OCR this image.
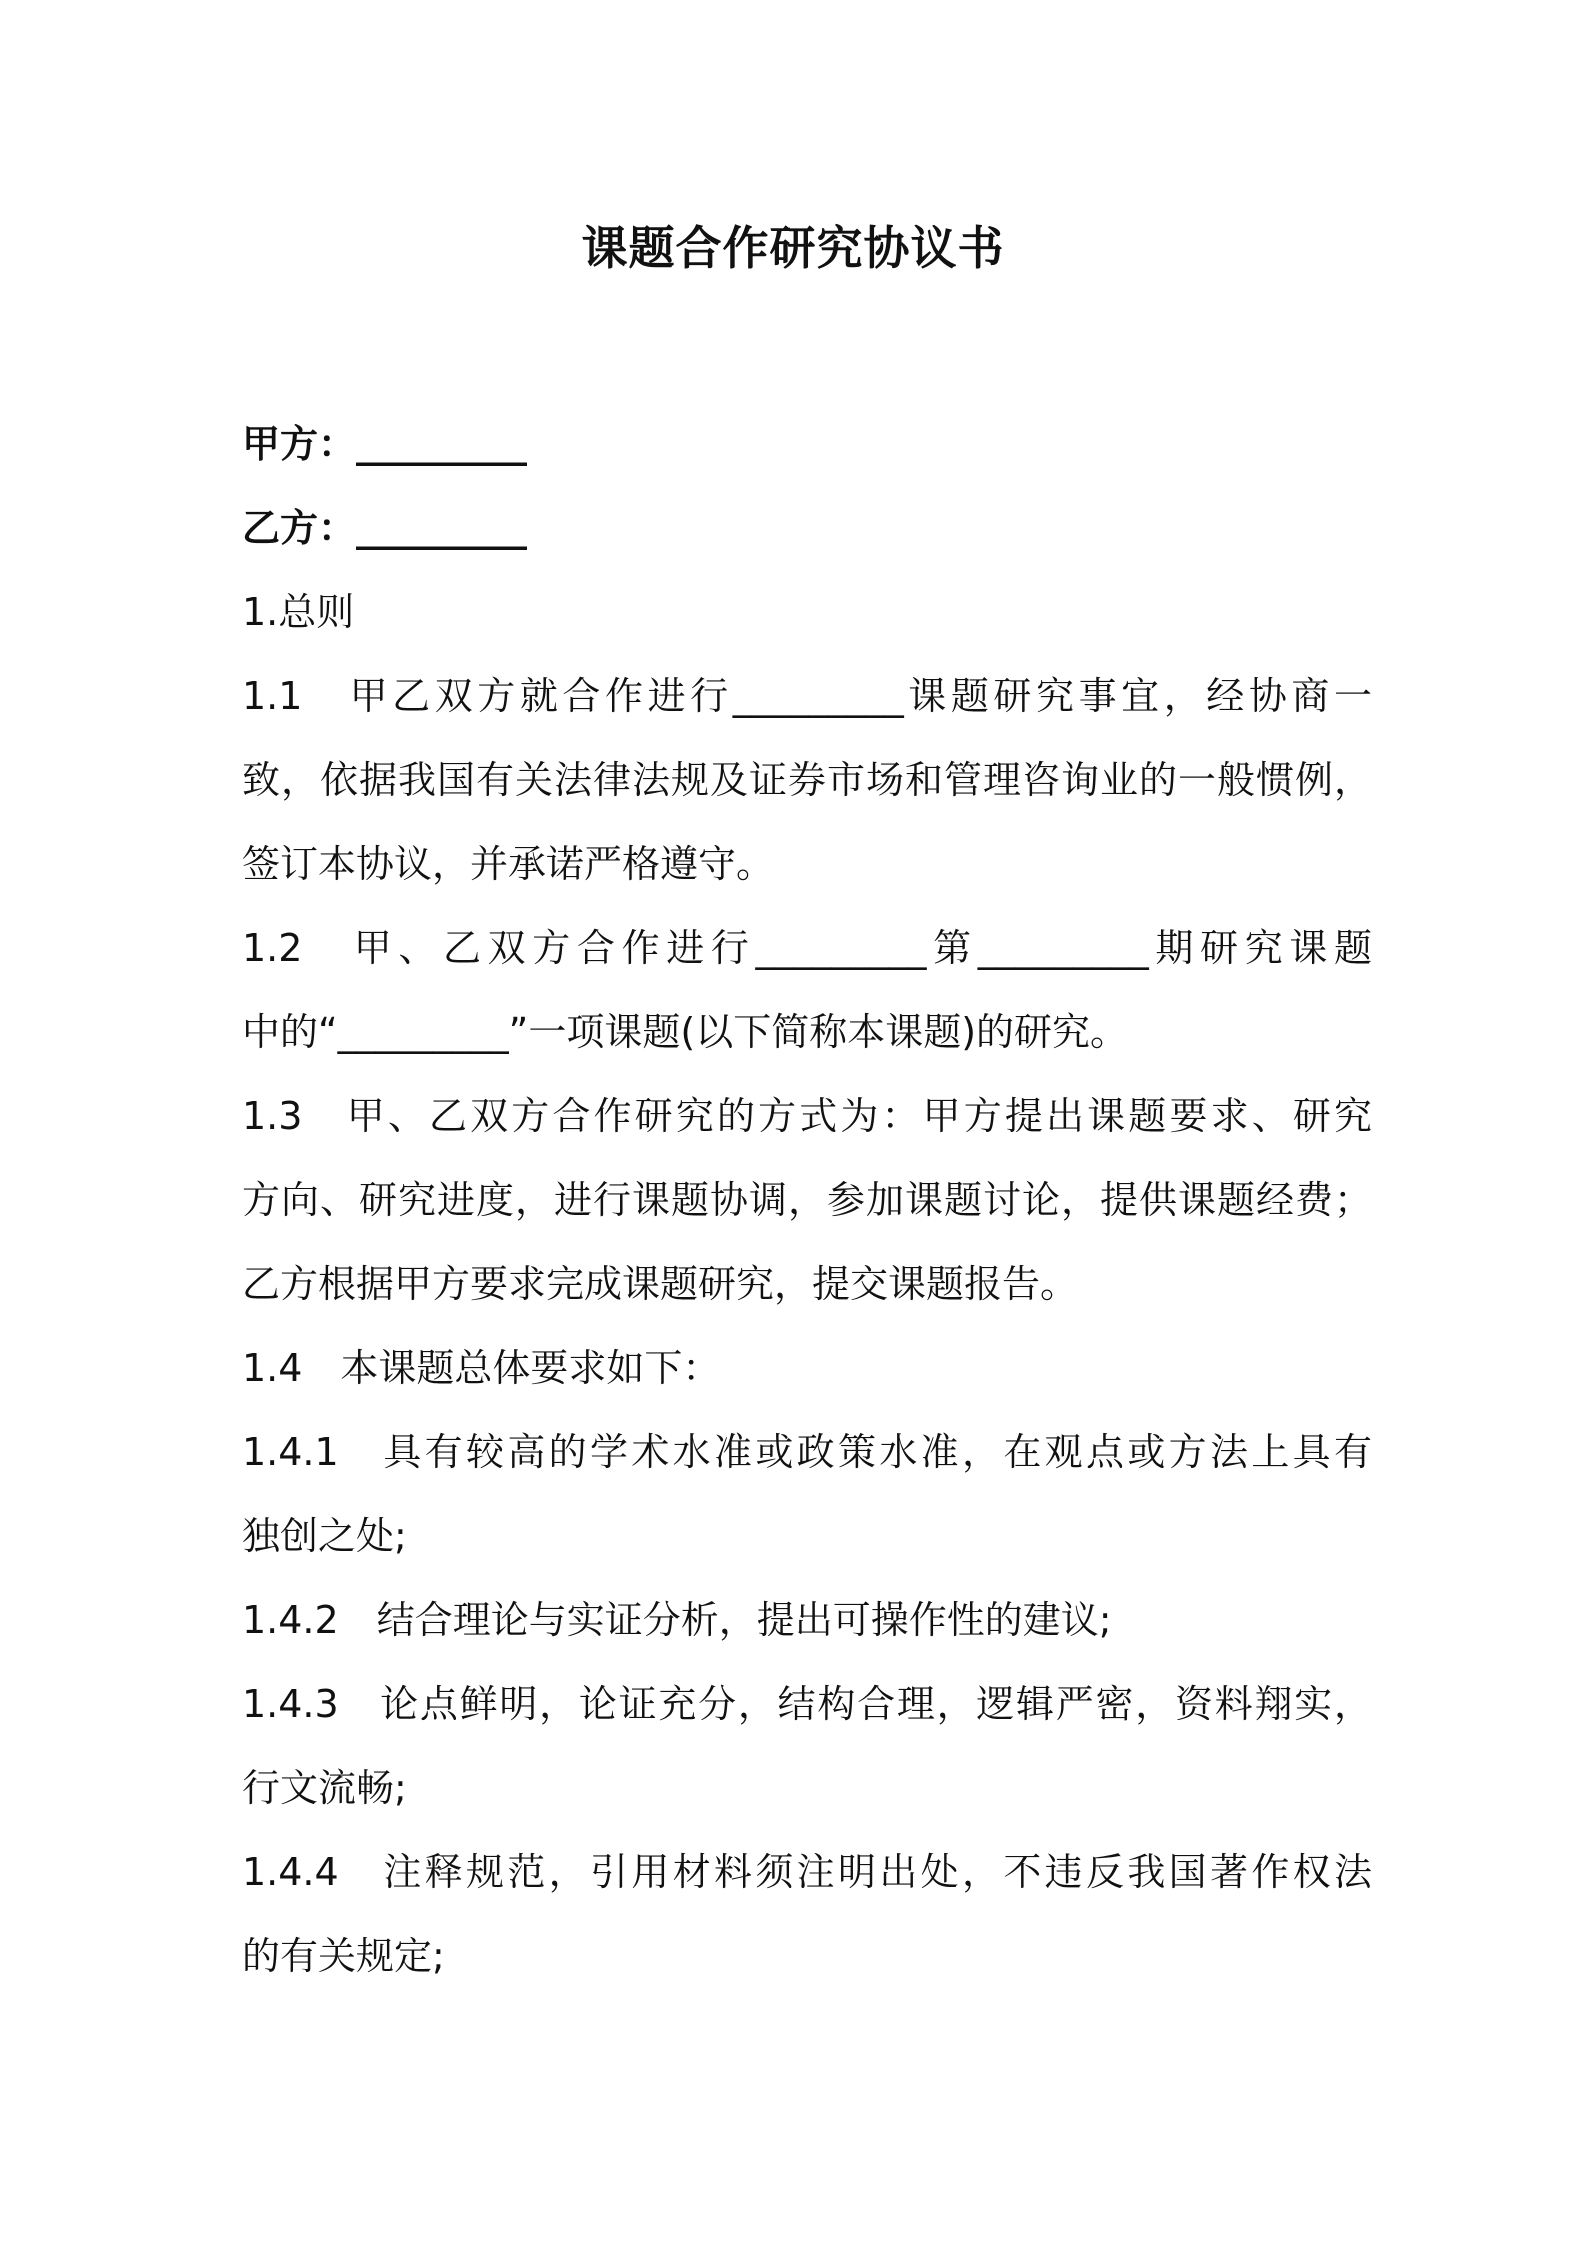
课题合作研究协议书
甲方：_________
乙方：_________
1.总则
1.1　甲乙双方就合作进行_________课题研究事宜，经协商一
致，依据我国有关法律法规及证券市场和管理咨询业的一般惯例，
签订本协议，并承诺严格遵守。
1.2　甲、乙双方合作进行_________第_________期研究课题
中的“_________”一项课题(以下简称本课题)的研究。
1.3　甲、乙双方合作研究的方式为：甲方提出课题要求、研究
方向、研究进度，进行课题协调，参加课题讨论，提供课题经费；
乙方根据甲方要求完成课题研究，提交课题报告。
1.4　本课题总体要求如下：
1.4.1　具有较高的学术水准或政策水准，在观点或方法上具有
独创之处;
1.4.2　结合理论与实证分析，提出可操作性的建议;
1.4.3　论点鲜明，论证充分，结构合理，逻辑严密，资料翔实，
行文流畅;
1.4.4　注释规范，引用材料须注明出处，不违反我国著作权法
的有关规定;
